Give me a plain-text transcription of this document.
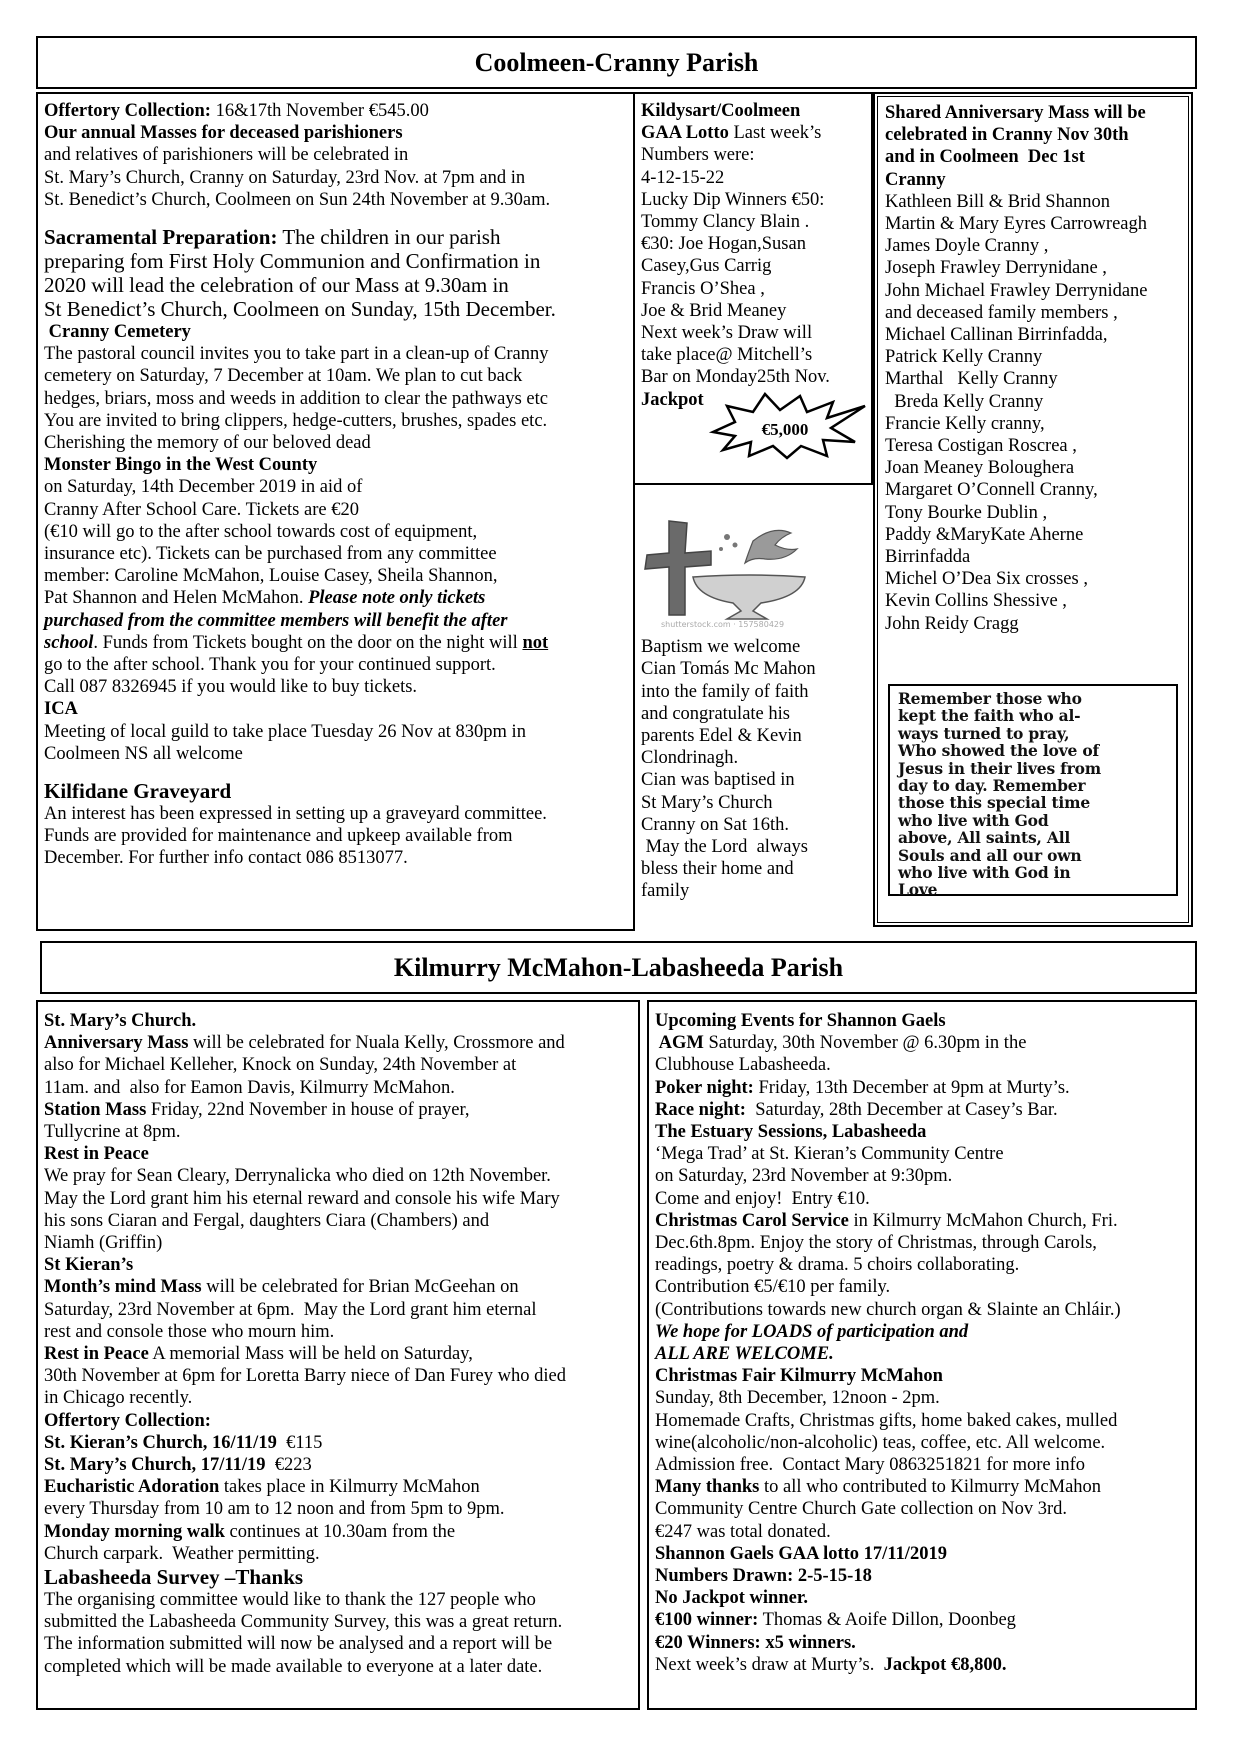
Coolmeen-Cranny Parish

Offertory Collection: 16&17th November €545.00

Our annual Masses for deceased parishioners

and relatives of parishioners will be celebrated in

St. Mary’s Church, Cranny on Saturday, 23rd Nov. at 7pm and in

St. Benedict’s Church, Coolmeen on Sun 24th November at 9.30am.

Sacramental Preparation: The children in our parish

preparing fom First Holy Communion and Confirmation in

2020 will lead the celebration of our Mass at 9.30am in

St Benedict’s Church, Coolmeen on Sunday, 15th December.

Cranny Cemetery

The pastoral council invites you to take part in a clean-up of Cranny

cemetery on Saturday, 7 December at 10am. We plan to cut back

hedges, briars, moss and weeds in addition to clear the pathways etc

You are invited to bring clippers, hedge-cutters, brushes, spades etc.

Cherishing the memory of our beloved dead

Monster Bingo in the West County

on Saturday, 14th December 2019 in aid of

Cranny After School Care. Tickets are €20

(€10 will go to the after school towards cost of equipment,

insurance etc). Tickets can be purchased from any committee

member: Caroline McMahon, Louise Casey, Sheila Shannon,

Pat Shannon and Helen McMahon. Please note only tickets

purchased from the committee members will benefit the after

school. Funds from Tickets bought on the door on the night will not

go to the after school. Thank you for your continued support.

Call 087 8326945 if you would like to buy tickets.

ICA

Meeting of local guild to take place Tuesday 26 Nov at 830pm in

Coolmeen NS all welcome

Kilfidane Graveyard

An interest has been expressed in setting up a graveyard committee.

Funds are provided for maintenance and upkeep available from

December. For further info contact 086 8513077.

Kildysart/Coolmeen

GAA Lotto Last week’s

Numbers were:

4-12-15-22

Lucky Dip Winners €50:

Tommy Clancy Blain .

€30: Joe Hogan,Susan

Casey,Gus Carrig

Francis O’Shea ,

Joe & Brid Meaney

Next week’s Draw will

take place@ Mitchell’s

Bar on Monday25th Nov.

Jackpot

€5,000
shutterstock.com · 157580429

Baptism we welcome

Cian Tomás Mc Mahon

into the family of faith

and congratulate his

parents Edel & Kevin

Clondrinagh.

Cian was baptised in

St Mary’s Church

Cranny on Sat 16th.

May the Lord  always

bless their home and

family

Shared Anniversary Mass will be

celebrated in Cranny Nov 30th

and in Coolmeen  Dec 1st

Cranny

Kathleen Bill & Brid Shannon

Martin & Mary Eyres Carrowreagh

James Doyle Cranny ,

Joseph Frawley Derrynidane ,

John Michael Frawley Derrynidane

and deceased family members ,

Michael Callinan Birrinfadda,

Patrick Kelly Cranny

Marthal   Kelly Cranny

Breda Kelly Cranny

Francie Kelly cranny,

Teresa Costigan Roscrea ,

Joan Meaney Boloughera

Margaret O’Connell Cranny,

Tony Bourke Dublin ,

Paddy &MaryKate Aherne

Birrinfadda

Michel O’Dea Six crosses ,

Kevin Collins Shessive ,

John Reidy Cragg

Remember those who
kept the faith who al-
ways turned to pray,
Who showed the love of
Jesus in their lives from
day to day. Remember
those this special time
who live with God
above, All saints, All
Souls and all our own
who live with God in
Love
Kilmurry McMahon-Labasheeda Parish

St. Mary’s Church.

Anniversary Mass will be celebrated for Nuala Kelly, Crossmore and

also for Michael Kelleher, Knock on Sunday, 24th November at

11am. and  also for Eamon Davis, Kilmurry McMahon.

Station Mass Friday, 22nd November in house of prayer,

Tullycrine at 8pm.

Rest in Peace

We pray for Sean Cleary, Derrynalicka who died on 12th November.

May the Lord grant him his eternal reward and console his wife Mary

his sons Ciaran and Fergal, daughters Ciara (Chambers) and

Niamh (Griffin)

St Kieran’s

Month’s mind Mass will be celebrated for Brian McGeehan on

Saturday, 23rd November at 6pm.  May the Lord grant him eternal

rest and console those who mourn him.

Rest in Peace A memorial Mass will be held on Saturday,

30th November at 6pm for Loretta Barry niece of Dan Furey who died

in Chicago recently.

Offertory Collection:

St. Kieran’s Church, 16/11/19  €115

St. Mary’s Church, 17/11/19  €223

Eucharistic Adoration takes place in Kilmurry McMahon

every Thursday from 10 am to 12 noon and from 5pm to 9pm.

Monday morning walk continues at 10.30am from the

Church carpark.  Weather permitting.

Labasheeda Survey –Thanks

The organising committee would like to thank the 127 people who

submitted the Labasheeda Community Survey, this was a great return.

The information submitted will now be analysed and a report will be

completed which will be made available to everyone at a later date.

Upcoming Events for Shannon Gaels

AGM Saturday, 30th November @ 6.30pm in the

Clubhouse Labasheeda.

Poker night: Friday, 13th December at 9pm at Murty’s.

Race night:  Saturday, 28th December at Casey’s Bar.

The Estuary Sessions, Labasheeda

‘Mega Trad’ at St. Kieran’s Community Centre

on Saturday, 23rd November at 9:30pm.

Come and enjoy!  Entry €10.

Christmas Carol Service in Kilmurry McMahon Church, Fri.

Dec.6th.8pm. Enjoy the story of Christmas, through Carols,

readings, poetry & drama. 5 choirs collaborating.

Contribution €5/€10 per family.

(Contributions towards new church organ & Slainte an Chláir.)

We hope for LOADS of participation and

ALL ARE WELCOME.

Christmas Fair Kilmurry McMahon

Sunday, 8th December, 12noon - 2pm.

Homemade Crafts, Christmas gifts, home baked cakes, mulled

wine(alcoholic/non-alcoholic) teas, coffee, etc. All welcome.

Admission free.  Contact Mary 0863251821 for more info

Many thanks to all who contributed to Kilmurry McMahon

Community Centre Church Gate collection on Nov 3rd.

€247 was total donated.

Shannon Gaels GAA lotto 17/11/2019

Numbers Drawn: 2-5-15-18

No Jackpot winner.

€100 winner: Thomas & Aoife Dillon, Doonbeg

€20 Winners: x5 winners.

Next week’s draw at Murty’s.  Jackpot €8,800.
